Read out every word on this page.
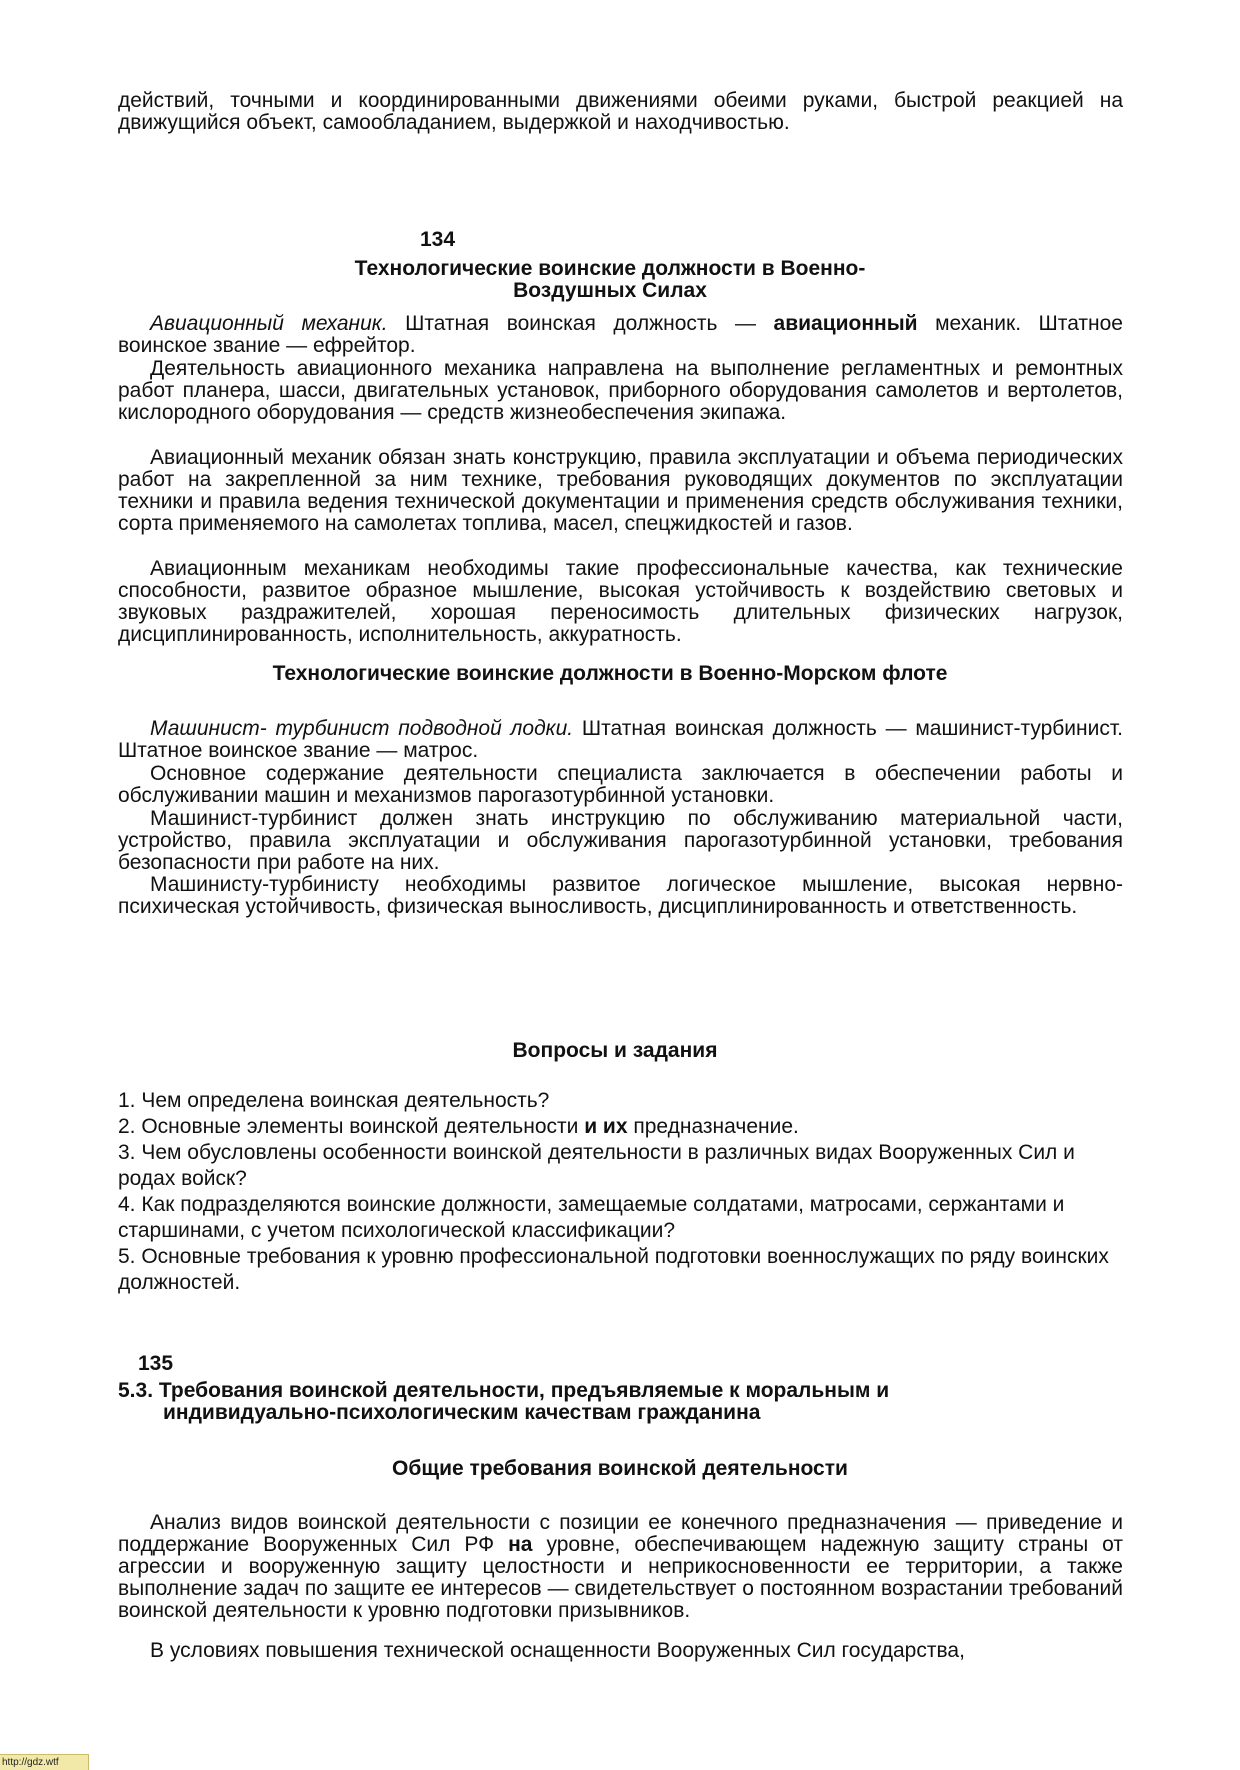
действий, точными и координированными движениями обеими руками, быстрой реакцией на движущийся объект, самообладанием, выдержкой и находчивостью.

134
Технологические воинские должности в Военно-Воздушных Силах

Авиационный механик. Штатная воинская должность — авиационный механик. Штатное воинское звание — ефрейтор.

Деятельность авиационного механика направлена на выполнение регламентных и ремонтных работ планера, шасси, двигательных установок, приборного оборудования самолетов и вертолетов, кислородного оборудования — средств жизнеобеспечения экипажа.

Авиационный механик обязан знать конструкцию, правила эксплуатации и объема периодических работ на закрепленной за ним технике, требования руководящих документов по эксплуатации техники и правила ведения технической документации и применения средств обслуживания техники, сорта применяемого на самолетах топлива, масел, спецжидкостей и газов.

Авиационным механикам необходимы такие профессиональные качества, как технические способности, развитое образное мышление, высокая устойчивость к воздействию световых и звуковых раздражителей, хорошая переносимость длительных физических нагрузок, дисциплинированность, исполнительность, аккуратность.

Технологические воинские должности в Военно-Морском флоте

Машинист- турбинист подводной лодки. Штатная воинская должность — машинист-турбинист. Штатное воинское звание — матрос.

Основное содержание деятельности специалиста заключается в обеспечении работы и обслуживании машин и механизмов парогазотурбинной установки.

Машинист-турбинист должен знать инструкцию по обслуживанию материальной части, устройство, правила эксплуатации и обслуживания парогазотурбинной установки, требования безопасности при работе на них.

Машинисту-турбинисту необходимы развитое логическое мышление, высокая нервно-психическая устойчивость, физическая выносливость, дисциплинированность и ответственность.

Вопросы и задания

1. Чем определена воинская деятельность?

2. Основные элементы воинской деятельности и их предназначение.

3. Чем обусловлены особенности воинской деятельности в различных видах Вооруженных Сил и родах войск?

4. Как подразделяются воинские должности, замещаемые солдатами, матросами, сержантами и старшинами, с учетом психологической классификации?

5. Основные требования к уровню профессиональной подготовки военнослужащих по ряду воинских должностей.

135
5.3. Требования воинской деятельности, предъявляемые к моральным и индивидуально-психологическим качествам гражданина
Общие требования воинской деятельности

Анализ видов воинской деятельности с позиции ее конечного предназначения — приведение и поддержание Вооруженных Сил РФ на уровне, обеспечивающем надежную защиту страны от агрессии и вооруженную защиту целостности и неприкосновенности ее территории, а также выполнение задач по защите ее интересов — свидетельствует о постоянном возрастании требований воинской деятельности к уровню подготовки призывников.

В условиях повышения технической оснащенности Вооруженных Сил государства,

http://gdz.wtf
